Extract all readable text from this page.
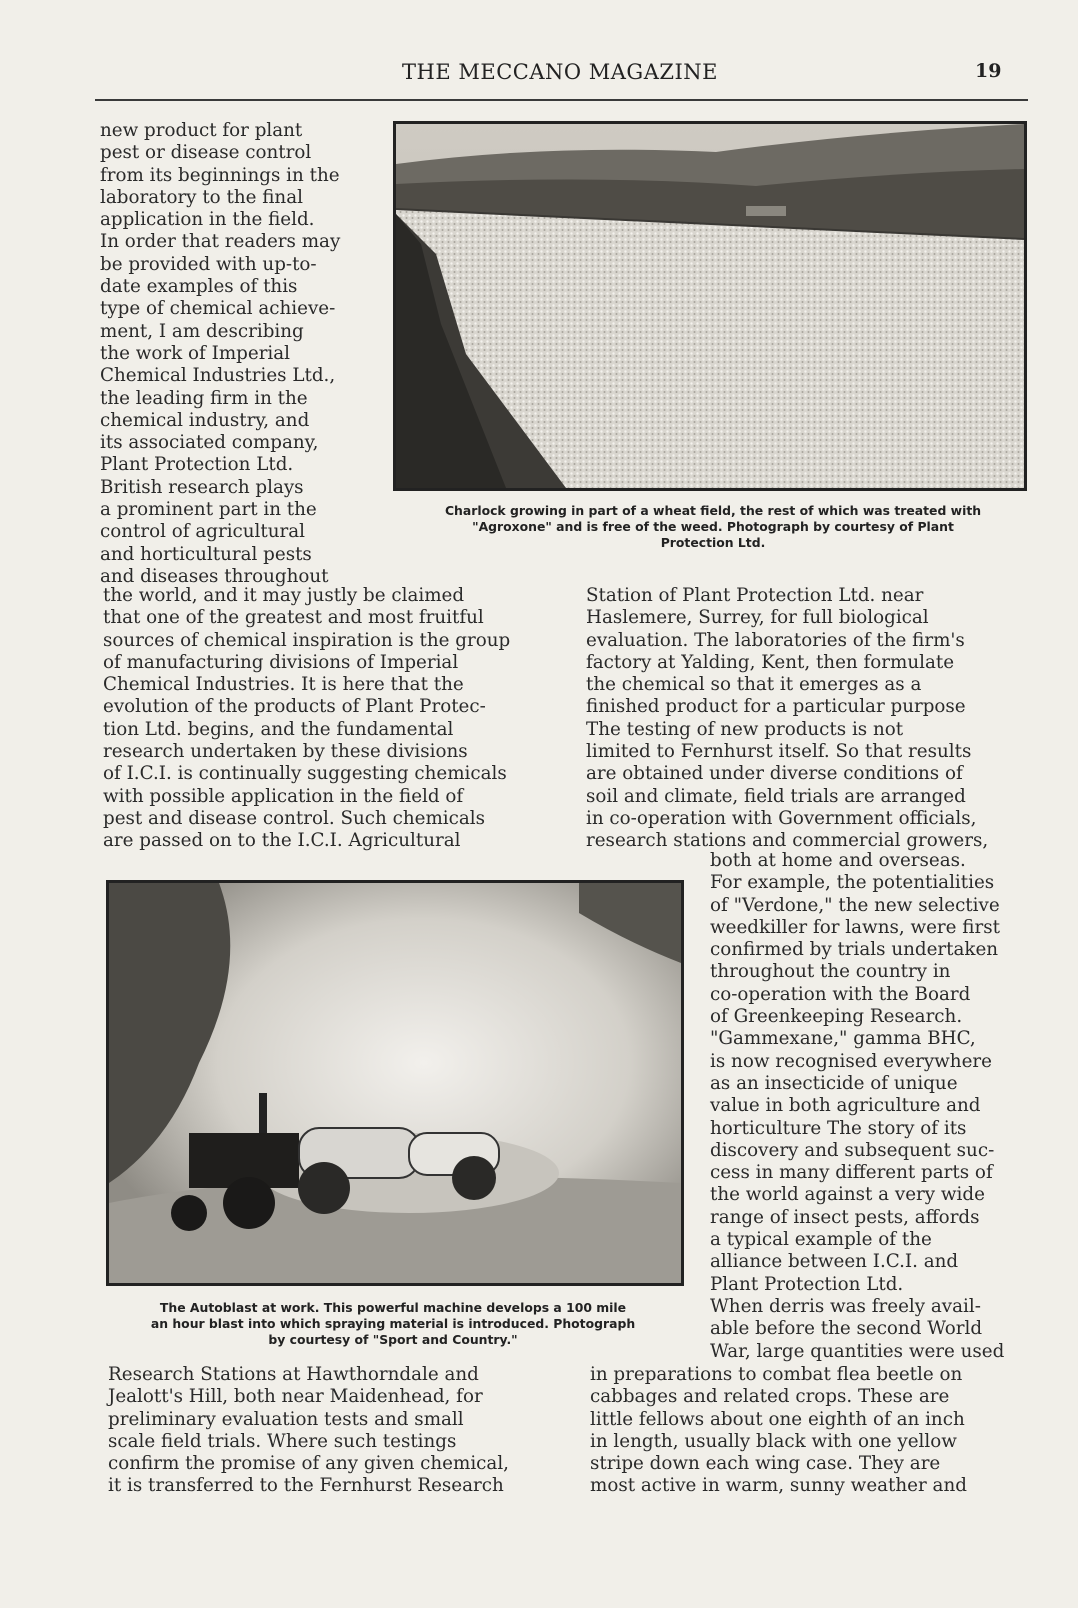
THE MECCANO MAGAZINE	19
Charlock growing in part of a wheat field, the rest of which was treated with
"Agroxone" and is free of the weed. Photograph by courtesy of Plant
Protection Ltd.
new product for plant
pest or disease control
from its beginnings in the
laboratory to the final
application in the field.
In order that readers may
be provided with up-to-
date examples of this
type of chemical achieve-
ment, I am describing
the work of Imperial
Chemical Industries Ltd.,
the leading firm in the
chemical industry, and
its associated company,
Plant Protection Ltd.
British research plays
a prominent part in the
control of agricultural
and horticultural pests
and diseases throughout
the world, and it may justly be claimed
that one of the greatest and most fruitful
sources of chemical inspiration is the group
of manufacturing divisions of Imperial
Chemical Industries. It is here that the
evolution of the products of Plant Protec-
tion Ltd. begins, and the fundamental
research undertaken by these divisions
of I.C.I. is continually suggesting chemicals
with possible application in the field of
pest and disease control. Such chemicals
are passed on to the I.C.I. Agricultural
Station of Plant Protection Ltd. near
Haslemere, Surrey, for full biological
evaluation. The laboratories of the firm's
factory at Yalding, Kent, then formulate
the chemical so that it emerges as a
finished product for a particular purpose
The testing of new products is not
limited to Fernhurst itself. So that results
are obtained under diverse conditions of
soil and climate, field trials are arranged
in co-operation with Government officials,
research stations and commercial growers,
The Autoblast at work. This powerful machine develops a 100 mile
an hour blast into which spraying material is introduced. Photograph
by courtesy of "Sport and Country."
both at home and overseas.
For example, the potentialities
of "Verdone," the new selective
weedkiller for lawns, were first
confirmed by trials undertaken
throughout the country in
co-operation with the Board
of Greenkeeping Research.
"Gammexane," gamma BHC,
is now recognised everywhere
as an insecticide of unique
value in both agriculture and
horticulture The story of its
discovery and subsequent suc-
cess in many different parts of
the world against a very wide
range of insect pests, affords
a typical example of the
alliance between I.C.I. and
Plant Protection Ltd.
When derris was freely avail-
able before the second World
War, large quantities were used
Research Stations at Hawthorndale and
Jealott's Hill, both near Maidenhead, for
preliminary evaluation tests and small
scale field trials. Where such testings
confirm the promise of any given chemical,
it is transferred to the Fernhurst Research
in preparations to combat flea beetle on
cabbages and related crops. These are
little fellows about one eighth of an inch
in length, usually black with one yellow
stripe down each wing case. They are
most active in warm, sunny weather and
